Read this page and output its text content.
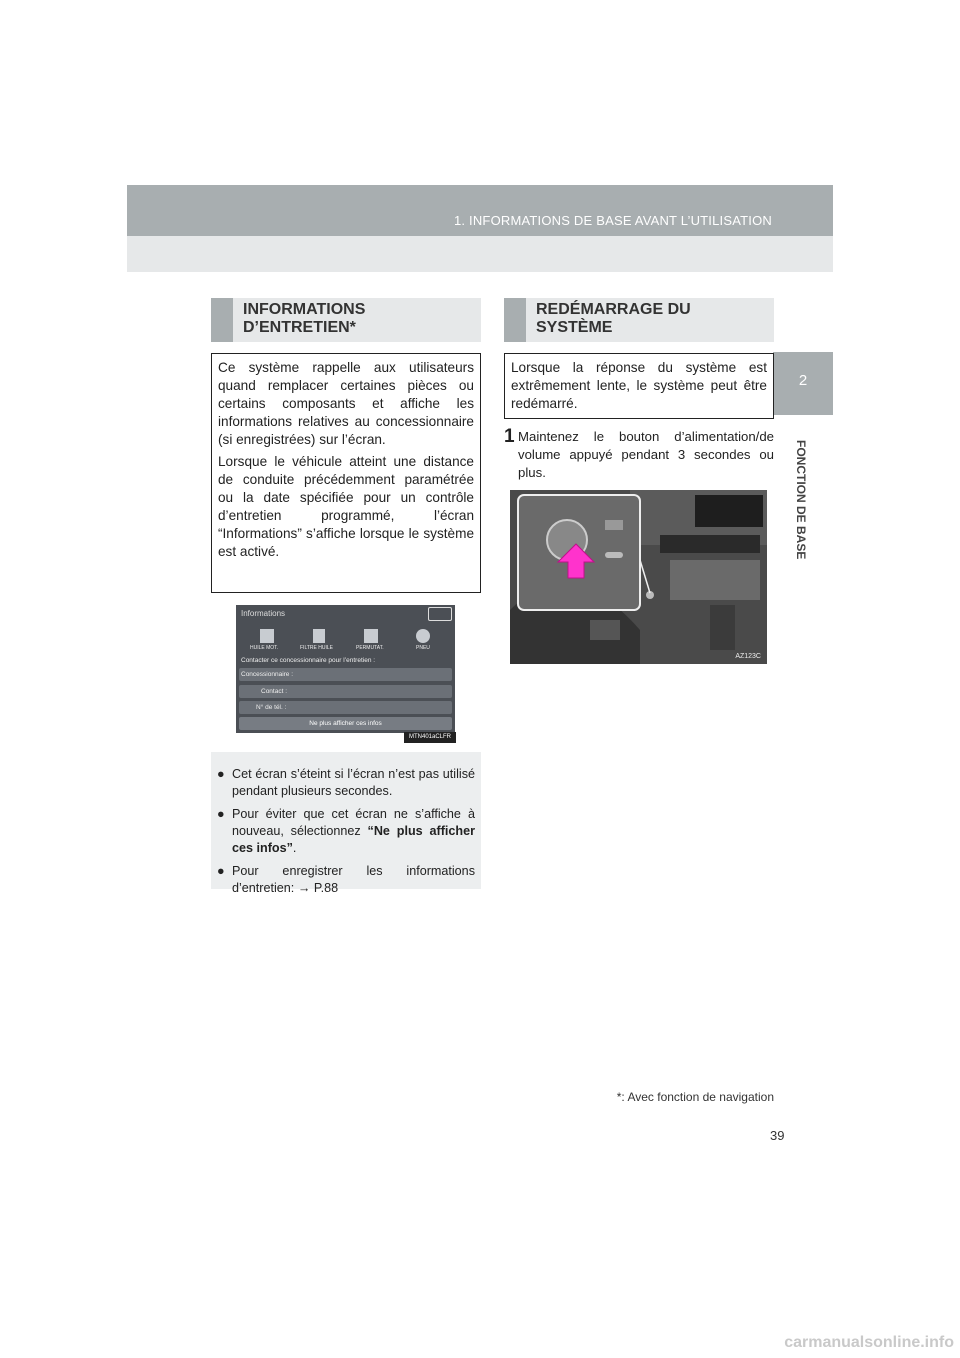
1. INFORMATIONS DE BASE AVANT L’UTILISATION
2
FONCTION DE BASE
INFORMATIONS
D’ENTRETIEN*

Ce système rappelle aux utilisateurs quand remplacer certaines pièces ou certains composants et affiche les informations relatives au concessionnaire (si enregistrées) sur l’écran.

Lorsque le véhicule atteint une distance de conduite précédemment paramétrée ou la date spécifiée pour un contrôle d’entretien programmé, l’écran “Informations” s’affiche lorsque le système est activé.

Informations
HUILE MOT.	FILTRE HUILE	PERMUTAT.	PNEU
Contacter ce concessionnaire pour l’entretien :
Concessionnaire :
Contact :
N° de tél. :
Ne plus afficher ces infos
MTN401aCLFR
● Cet écran s’éteint si l’écran n’est pas utilisé pendant plusieurs secondes.
● Pour éviter que cet écran ne s’affiche à nouveau, sélectionnez “Ne plus afficher ces infos”.
● Pour enregistrer les informations d’entretien: → P.88
REDÉMARRAGE DU
SYSTÈME

Lorsque la réponse du système est extrêmement lente, le système peut être redémarré.

1 Maintenez le bouton d’alimentation/de volume appuyé pendant 3 secondes ou plus.
AZ123C
*: Avec fonction de navigation
39
carmanualsonline.info
